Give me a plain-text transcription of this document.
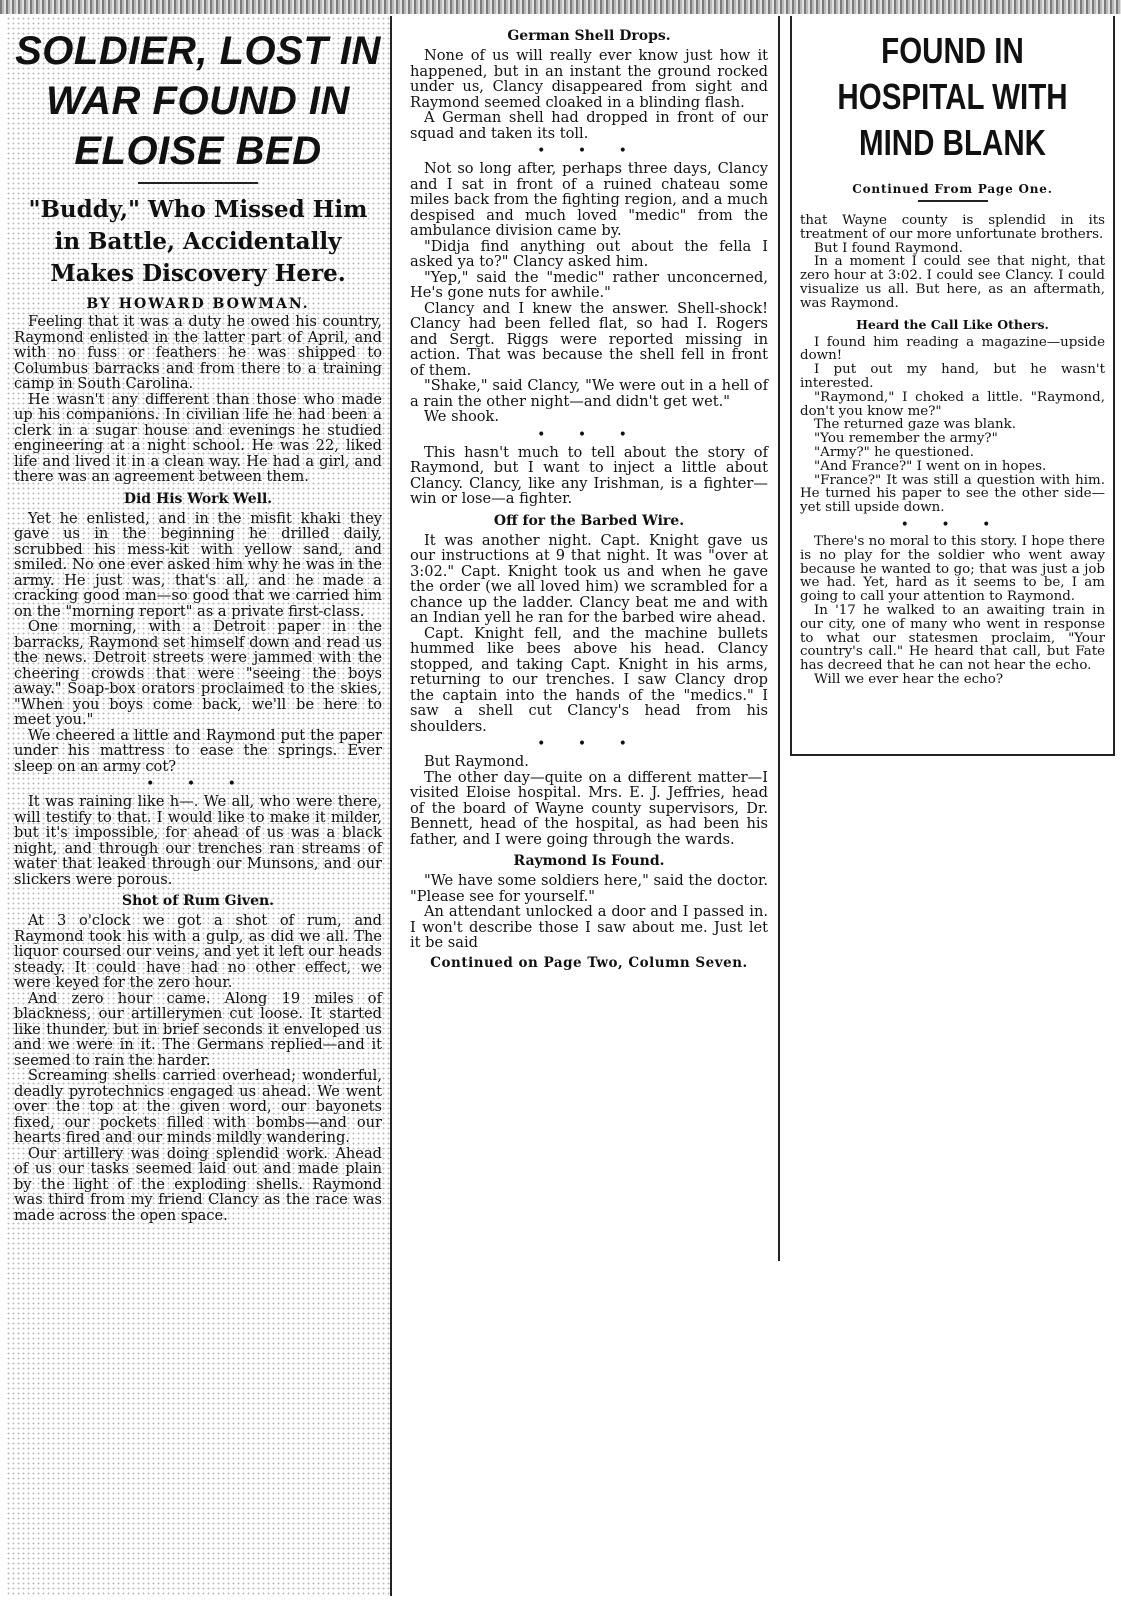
SOLDIER, LOST IN WAR FOUND IN ELOISE BED
"Buddy," Who Missed Him in Battle, Accidentally Makes Discovery Here.
BY HOWARD BOWMAN.

Feeling that it was a duty he owed his country, Raymond enlisted in the latter part of April, and with no fuss or feathers he was shipped to Columbus barracks and from there to a training camp in South Carolina.

He wasn't any different than those who made up his companions. In civilian life he had been a clerk in a sugar house and evenings he studied engineering at a night school. He was 22, liked life and lived it in a clean way. He had a girl, and there was an agreement between them.

Did His Work Well.

Yet he enlisted, and in the misfit khaki they gave us in the beginning he drilled daily, scrubbed his mess-kit with yellow sand, and smiled. No one ever asked him why he was in the army. He just was, that's all, and he made a cracking good man—so good that we carried him on the "morning report" as a private first-class.

One morning, with a Detroit paper in the barracks, Raymond set himself down and read us the news. Detroit streets were jammed with the cheering crowds that were "seeing the boys away." Soap-box orators proclaimed to the skies, "When you boys come back, we'll be here to meet you."

We cheered a little and Raymond put the paper under his mattress to ease the springs. Ever sleep on an army cot?

• • •

It was raining like h—. We all, who were there, will testify to that. I would like to make it milder, but it's impossible, for ahead of us was a black night, and through our trenches ran streams of water that leaked through our Munsons, and our slickers were porous.

Shot of Rum Given.

At 3 o'clock we got a shot of rum, and Raymond took his with a gulp, as did we all. The liquor coursed our veins, and yet it left our heads steady. It could have had no other effect, we were keyed for the zero hour.

And zero hour came. Along 19 miles of blackness, our artillerymen cut loose. It started like thunder, but in brief seconds it enveloped us and we were in it. The Germans replied—and it seemed to rain the harder.

Screaming shells carried overhead; wonderful, deadly pyrotechnics engaged us ahead. We went over the top at the given word, our bayonets fixed, our pockets filled with bombs—and our hearts fired and our minds mildly wandering.

Our artillery was doing splendid work. Ahead of us our tasks seemed laid out and made plain by the light of the exploding shells. Raymond was third from my friend Clancy as the race was made across the open space.

German Shell Drops.

None of us will really ever know just how it happened, but in an instant the ground rocked under us, Clancy disappeared from sight and Raymond seemed cloaked in a blinding flash.

A German shell had dropped in front of our squad and taken its toll.

• • •

Not so long after, perhaps three days, Clancy and I sat in front of a ruined chateau some miles back from the fighting region, and a much despised and much loved "medic" from the ambulance division came by.

"Didja find anything out about the fella I asked ya to?" Clancy asked him.

"Yep," said the "medic" rather unconcerned, He's gone nuts for awhile."

Clancy and I knew the answer. Shell-shock! Clancy had been felled flat, so had I. Rogers and Sergt. Riggs were reported missing in action. That was because the shell fell in front of them.

"Shake," said Clancy, "We were out in a hell of a rain the other night—and didn't get wet."

We shook.

• • •

This hasn't much to tell about the story of Raymond, but I want to inject a little about Clancy. Clancy, like any Irishman, is a fighter—win or lose—a fighter.

Off for the Barbed Wire.

It was another night. Capt. Knight gave us our instructions at 9 that night. It was "over at 3:02." Capt. Knight took us and when he gave the order (we all loved him) we scrambled for a chance up the ladder. Clancy beat me and with an Indian yell he ran for the barbed wire ahead.

Capt. Knight fell, and the machine bullets hummed like bees above his head. Clancy stopped, and taking Capt. Knight in his arms, returning to our trenches. I saw Clancy drop the captain into the hands of the "medics." I saw a shell cut Clancy's head from his shoulders.

• • •

But Raymond.

The other day—quite on a different matter—I visited Eloise hospital. Mrs. E. J. Jeffries, head of the board of Wayne county supervisors, Dr. Bennett, head of the hospital, as had been his father, and I were going through the wards.

Raymond Is Found.

"We have some soldiers here," said the doctor. "Please see for yourself."

An attendant unlocked a door and I passed in. I won't describe those I saw about me. Just let it be said

Continued on Page Two, Column Seven.
FOUND IN HOSPITAL WITH MIND BLANK
Continued From Page One.

that Wayne county is splendid in its treatment of our more unfortunate brothers.

But I found Raymond.

In a moment I could see that night, that zero hour at 3:02. I could see Clancy. I could visualize us all. But here, as an aftermath, was Raymond.

Heard the Call Like Others.

I found him reading a magazine—upside down!

I put out my hand, but he wasn't interested.

"Raymond," I choked a little. "Raymond, don't you know me?"

The returned gaze was blank.

"You remember the army?"

"Army?" he questioned.

"And France?" I went on in hopes.

"France?" It was still a question with him. He turned his paper to see the other side—yet still upside down.

• • •

There's no moral to this story. I hope there is no play for the soldier who went away because he wanted to go; that was just a job we had. Yet, hard as it seems to be, I am going to call your attention to Raymond.

In '17 he walked to an awaiting train in our city, one of many who went in response to what our statesmen proclaim, "Your country's call." He heard that call, but Fate has decreed that he can not hear the echo.

Will we ever hear the echo?
